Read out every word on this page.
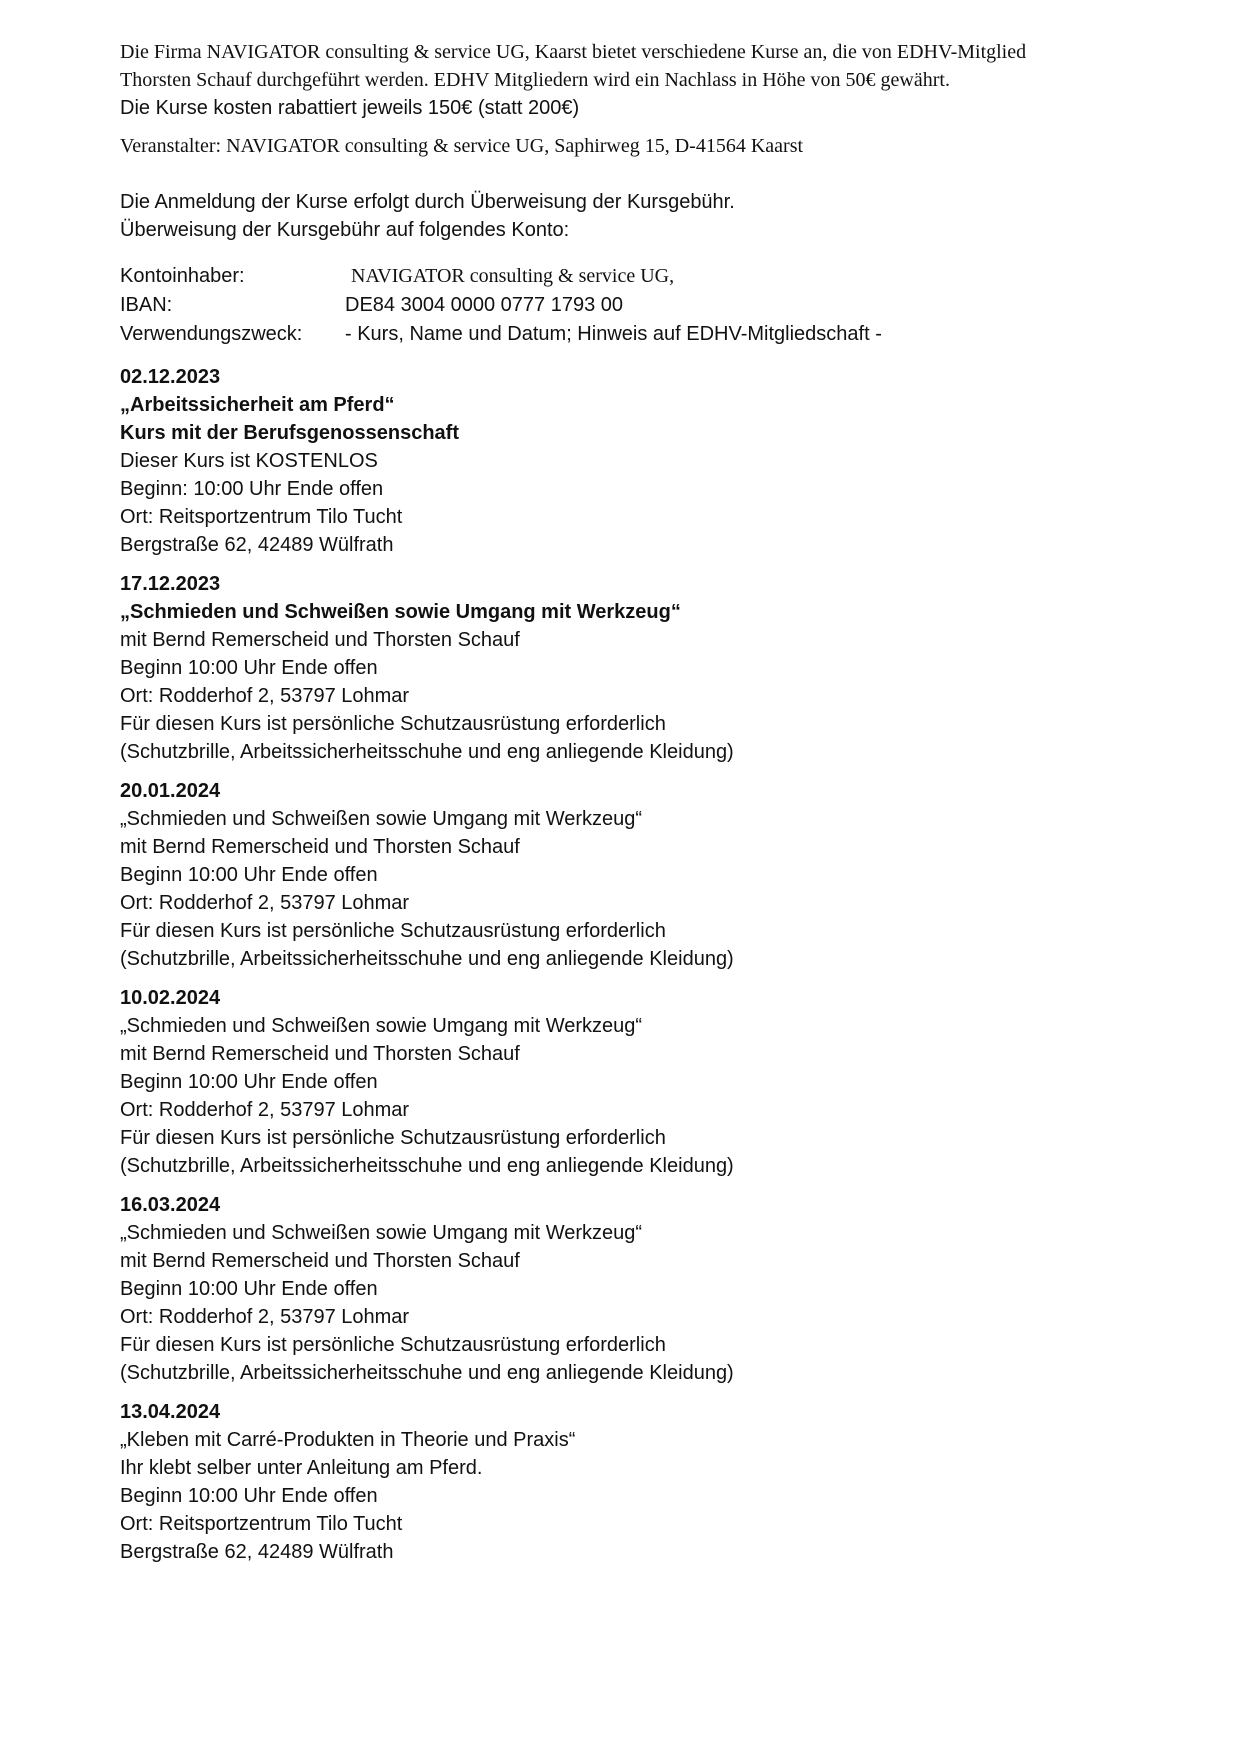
Die Firma NAVIGATOR consulting & service UG, Kaarst bietet verschiedene Kurse an, die von EDHV-Mitglied
Thorsten Schauf durchgeführt werden. EDHV Mitgliedern wird ein Nachlass in Höhe von 50€ gewährt.
Die Kurse kosten rabattiert jeweils 150€ (statt 200€)
Veranstalter: NAVIGATOR consulting & service UG, Saphirweg 15, D-41564 Kaarst
Die Anmeldung der Kurse erfolgt durch Überweisung der Kursgebühr.
Überweisung der Kursgebühr auf folgendes Konto:
Kontoinhaber:	NAVIGATOR consulting & service UG,
IBAN:	DE84 3004 0000 0777 1793 00
Verwendungszweck:	- Kurs, Name und Datum; Hinweis auf EDHV-Mitgliedschaft -
02.12.2023
„Arbeitssicherheit am Pferd“
Kurs mit der Berufsgenossenschaft
Dieser Kurs ist KOSTENLOS
Beginn: 10:00 Uhr Ende offen
Ort: Reitsportzentrum Tilo Tucht
Bergstraße 62, 42489 Wülfrath
17.12.2023
„Schmieden und Schweißen sowie Umgang mit Werkzeug“
mit Bernd Remerscheid und Thorsten Schauf
Beginn 10:00 Uhr Ende offen
Ort: Rodderhof 2, 53797 Lohmar
Für diesen Kurs ist persönliche Schutzausrüstung erforderlich
(Schutzbrille, Arbeitssicherheitsschuhe und eng anliegende Kleidung)
20.01.2024
„Schmieden und Schweißen sowie Umgang mit Werkzeug“
mit Bernd Remerscheid und Thorsten Schauf
Beginn 10:00 Uhr Ende offen
Ort: Rodderhof 2, 53797 Lohmar
Für diesen Kurs ist persönliche Schutzausrüstung erforderlich
(Schutzbrille, Arbeitssicherheitsschuhe und eng anliegende Kleidung)
10.02.2024
„Schmieden und Schweißen sowie Umgang mit Werkzeug“
mit Bernd Remerscheid und Thorsten Schauf
Beginn 10:00 Uhr Ende offen
Ort: Rodderhof 2, 53797 Lohmar
Für diesen Kurs ist persönliche Schutzausrüstung erforderlich
(Schutzbrille, Arbeitssicherheitsschuhe und eng anliegende Kleidung)
16.03.2024
„Schmieden und Schweißen sowie Umgang mit Werkzeug“
mit Bernd Remerscheid und Thorsten Schauf
Beginn 10:00 Uhr Ende offen
Ort: Rodderhof 2, 53797 Lohmar
Für diesen Kurs ist persönliche Schutzausrüstung erforderlich
(Schutzbrille, Arbeitssicherheitsschuhe und eng anliegende Kleidung)
13.04.2024
„Kleben mit Carré-Produkten in Theorie und Praxis“
Ihr klebt selber unter Anleitung am Pferd.
Beginn 10:00 Uhr Ende offen
Ort: Reitsportzentrum Tilo Tucht
Bergstraße 62, 42489 Wülfrath
